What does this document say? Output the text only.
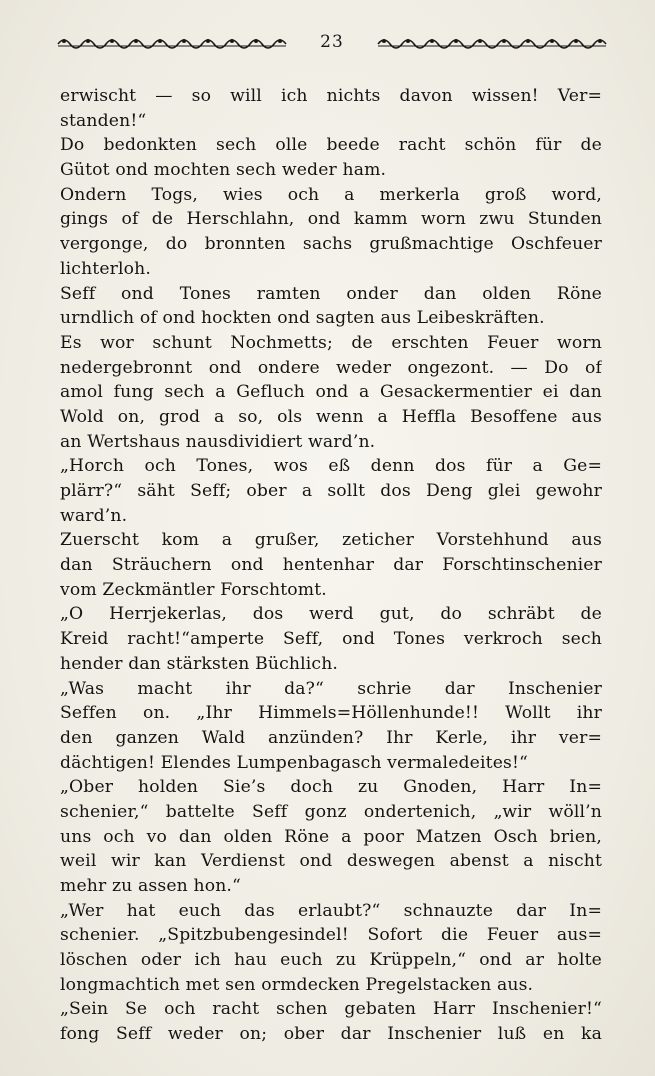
23
erwischt — so will ich nichts davon wissen! Ver=
standen!“
Do bedonkten sech olle beede racht schön für de
Gütot ond mochten sech weder ham.
Ondern Togs, wies och a merkerla groß word,
gings of de Herschlahn, ond kamm worn zwu Stunden
vergonge, do bronnten sachs grußmachtige Oschfeuer
lichterloh.
Seff ond Tones ramten onder dan olden Röne
urndlich of ond hockten ond sagten aus Leibeskräften.
Es wor schunt Nochmetts; de erschten Feuer worn
nedergebronnt ond ondere weder ongezont. — Do of
amol fung sech a Gefluch ond a Gesackermentier ei dan
Wold on, grod a so, ols wenn a Heffla Besoffene aus
an Wertshaus nausdividiert ward’n.
„Horch och Tones, wos eß denn dos für a Ge=
plärr?“ säht Seff; ober a sollt dos Deng glei gewohr
ward’n.
Zuerscht kom a grußer, zeticher Vorstehhund aus
dan Sträuchern ond hentenhar dar Forschtinschenier
vom Zeckmäntler Forschtomt.
„O Herrjekerlas, dos werd gut, do schräbt de
Kreid racht!“amperte Seff, ond Tones verkroch sech
hender dan stärksten Büchlich.
„Was macht ihr da?“ schrie dar Inschenier
Seffen on. „Ihr Himmels=Höllenhunde!! Wollt ihr
den ganzen Wald anzünden? Ihr Kerle, ihr ver=
dächtigen! Elendes Lumpenbagasch vermaledeites!“
„Ober holden Sie’s doch zu Gnoden, Harr In=
schenier,“ battelte Seff gonz ondertenich, „wir wöll’n
uns och vo dan olden Röne a poor Matzen Osch brien,
weil wir kan Verdienst ond deswegen abenst a nischt
mehr zu assen hon.“
„Wer hat euch das erlaubt?“ schnauzte dar In=
schenier. „Spitzbubengesindel! Sofort die Feuer aus=
löschen oder ich hau euch zu Krüppeln,“ ond ar holte
longmachtich met sen ormdecken Pregelstacken aus.
„Sein Se och racht schen gebaten Harr Inschenier!“
fong Seff weder on; ober dar Inschenier luß en ka
